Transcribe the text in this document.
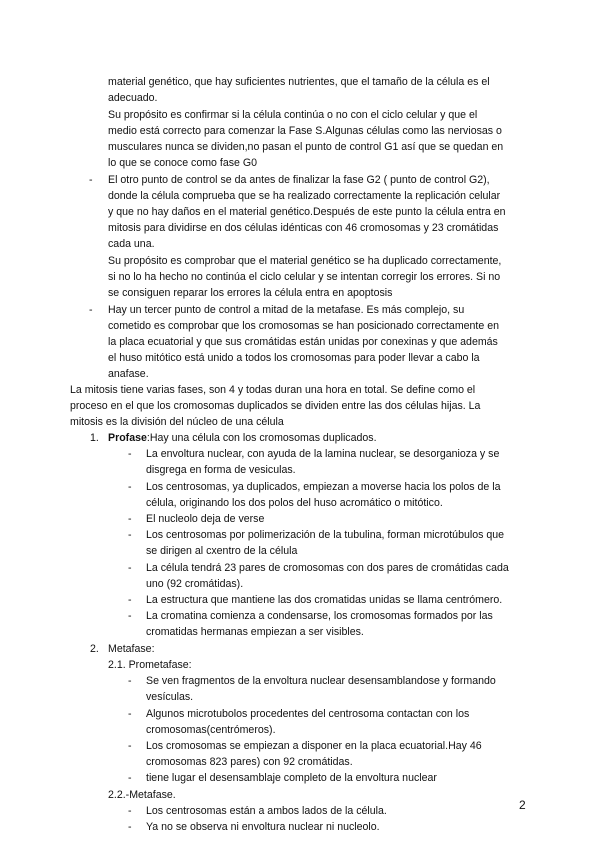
material genético, que hay suficientes nutrientes, que el tamaño de la célula es el
adecuado.
Su propósito es confirmar si la célula continúa o no con el ciclo celular y que el
medio está correcto para comenzar la Fase S.Algunas células como las nerviosas o
musculares nunca se dividen,no pasan el punto de control G1 así que se quedan en
lo que se conoce como fase G0
- El otro punto de control se da antes de finalizar la fase G2 ( punto de control G2),
donde la célula comprueba que se ha realizado correctamente la replicación celular
y que no hay daños en el material genético.Después de este punto la célula entra en
mitosis para dividirse en dos células idénticas con 46 cromosomas y 23 cromátidas
cada una.
Su propósito es comprobar que el material genético se ha duplicado correctamente,
si no lo ha hecho no continúa el ciclo celular y se intentan corregir los errores. Si no
se consiguen reparar los errores la célula entra en apoptosis
- Hay un tercer punto de control a mitad de la metafase. Es más complejo, su
cometido es comprobar que los cromosomas se han posicionado correctamente en
la placa ecuatorial y que sus cromátidas están unidas por conexinas y que además
el huso mitótico está unido a todos los cromosomas para poder llevar a cabo la
anafase.
La mitosis tiene varias fases, son 4 y todas duran una hora en total. Se define como el
proceso en el que los cromosomas duplicados se dividen entre las dos células hijas. La
mitosis es la división del núcleo de una célula
1. Profase:Hay una célula con los cromosomas duplicados.
- La envoltura nuclear, con ayuda de la lamina nuclear, se desorganioza y se
disgrega en forma de vesiculas.
- Los centrosomas, ya duplicados, empiezan a moverse hacia los polos de la
célula, originando los dos polos del huso acromático o mitótico.
- El nucleolo deja de verse
- Los centrosomas por polimerización de la tubulina, forman microtúbulos que
se dirigen al cxentro de la célula
- La célula tendrá 23 pares de cromosomas con dos pares de cromátidas cada
uno (92 cromátidas).
- La estructura que mantiene las dos cromatidas unidas se llama centrómero.
- La cromatina comienza a condensarse, los cromosomas formados por las
cromatidas hermanas empiezan a ser visibles.
2. Metafase:
2.1. Prometafase:
- Se ven fragmentos de la envoltura nuclear desensamblandose y formando
vesículas.
- Algunos microtubolos procedentes del centrosoma contactan con los
cromosomas(centrómeros).
- Los cromosomas se empiezan a disponer en la placa ecuatorial.Hay 46
cromosomas 823 pares) con 92 cromátidas.
- tiene lugar el desensamblaje completo de la envoltura nuclear
2.2.-Metafase.
- Los centrosomas están a ambos lados de la célula.
- Ya no se observa ni envoltura nuclear ni nucleolo.
2
